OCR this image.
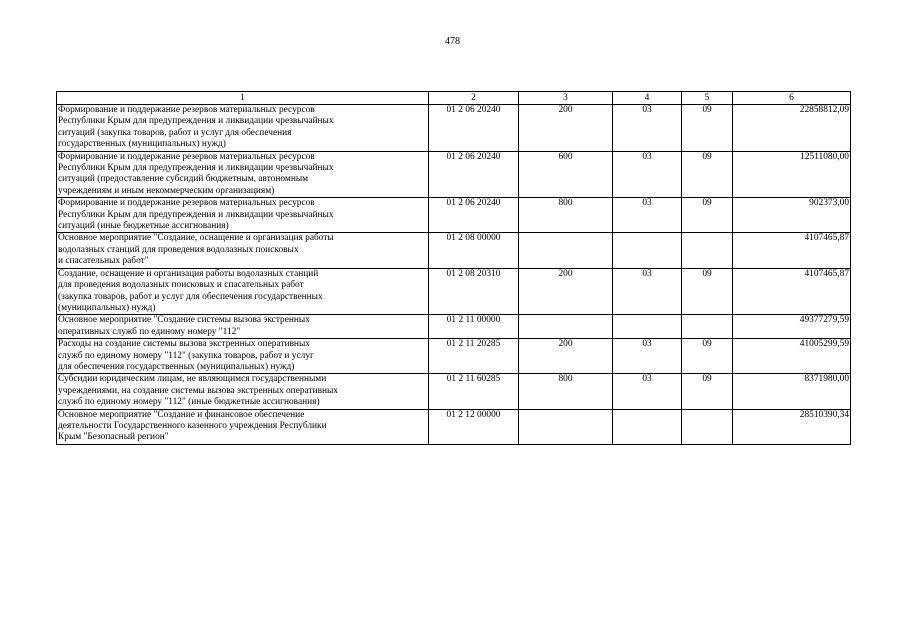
478
1	2	3	4	5	6
Формирование и поддержание резервов материальных ресурсов
Республики Крым для предупреждения и ликвидации чрезвычайных
ситуаций (закупка товаров, работ и услуг для обеспечения
государственных (муниципальных) нужд)	01 2 06 20240	200	03	09	22858812,09
Формирование и поддержание резервов материальных ресурсов
Республики Крым для предупреждения и ликвидации чрезвычайных
ситуаций (предоставление субсидий бюджетным, автономным
учреждениям и иным некоммерческим организациям)	01 2 06 20240	600	03	09	12511080,00
Формирование и поддержание резервов материальных ресурсов
Республики Крым для предупреждения и ликвидации чрезвычайных
ситуаций (иные бюджетные ассигнования)	01 2 06 20240	800	03	09	902373,00
Основное мероприятие "Создание, оснащение и организация работы
водолазных станций для проведения водолазных поисковых
и спасательных работ"	01 2 08 00000				4107465,87
Создание, оснащение и организация работы водолазных станций
для проведения водолазных поисковых и спасательных работ
(закупка товаров, работ и услуг для обеспечения государственных
(муниципальных) нужд)	01 2 08 20310	200	03	09	4107465,87
Основное мероприятие "Создание системы вызова экстренных
оперативных служб по единому номеру "112"	01 2 11 00000				49377279,59
Расходы на создание системы вызова экстренных оперативных
служб по единому номеру "112" (закупка товаров, работ и услуг
для обеспечения государственных (муниципальных) нужд)	01 2 11 20285	200	03	09	41005299,59
Субсидии юридическим лицам, не являющимся государственными
учреждениями, на создание системы вызова экстренных оперативных
служб по единому номеру "112" (иные бюджетные ассигнования)	01 2 11 60285	800	03	09	8371980,00
Основное мероприятие "Создание и финансовое обеспечение
деятельности Государственного казенного учреждения Республики
Крым "Безопасный регион"	01 2 12 00000				28510390,34
